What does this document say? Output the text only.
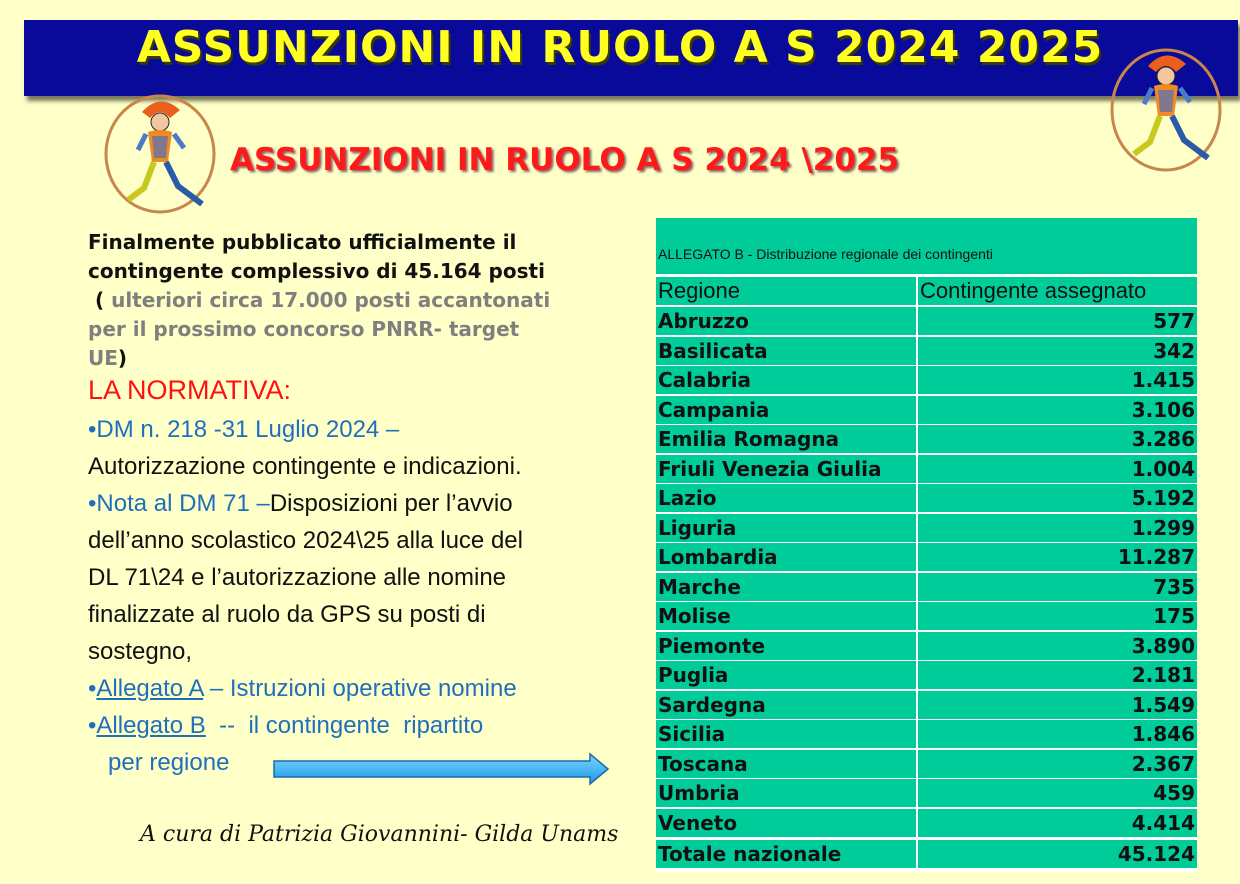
ASSUNZIONI IN RUOLO A S 2024 2025
ASSUNZIONI IN RUOLO A S 2024 \2025
Finalmente pubblicato ufficialmente il
contingente complessivo di 45.164 posti
( ulteriori circa 17.000 posti accantonati
per il prossimo concorso PNRR- target
UE)
LA NORMATIVA:
•DM n. 218 -31 Luglio 2024 –
Autorizzazione contingente e indicazioni.
•Nota al DM 71 –Disposizioni per l’avvio
dell’anno scolastico 2024\25 alla luce del
DL 71\24 e l’autorizzazione alle nomine
finalizzate al ruolo da GPS su posti di
sostegno,
•Allegato A – Istruzioni operative nomine
•Allegato B  --  il contingente  ripartito
per regione
A cura di Patrizia Giovannini- Gilda Unams
ALLEGATO B - Distribuzione regionale dei contingenti
Regione	Contingente assegnato
Abruzzo	577
Basilicata	342
Calabria	1.415
Campania	3.106
Emilia Romagna	3.286
Friuli Venezia Giulia	1.004
Lazio	5.192
Liguria	1.299
Lombardia	11.287
Marche	735
Molise	175
Piemonte	3.890
Puglia	2.181
Sardegna	1.549
Sicilia	1.846
Toscana	2.367
Umbria	459
Veneto	4.414
Totale nazionale	45.124
